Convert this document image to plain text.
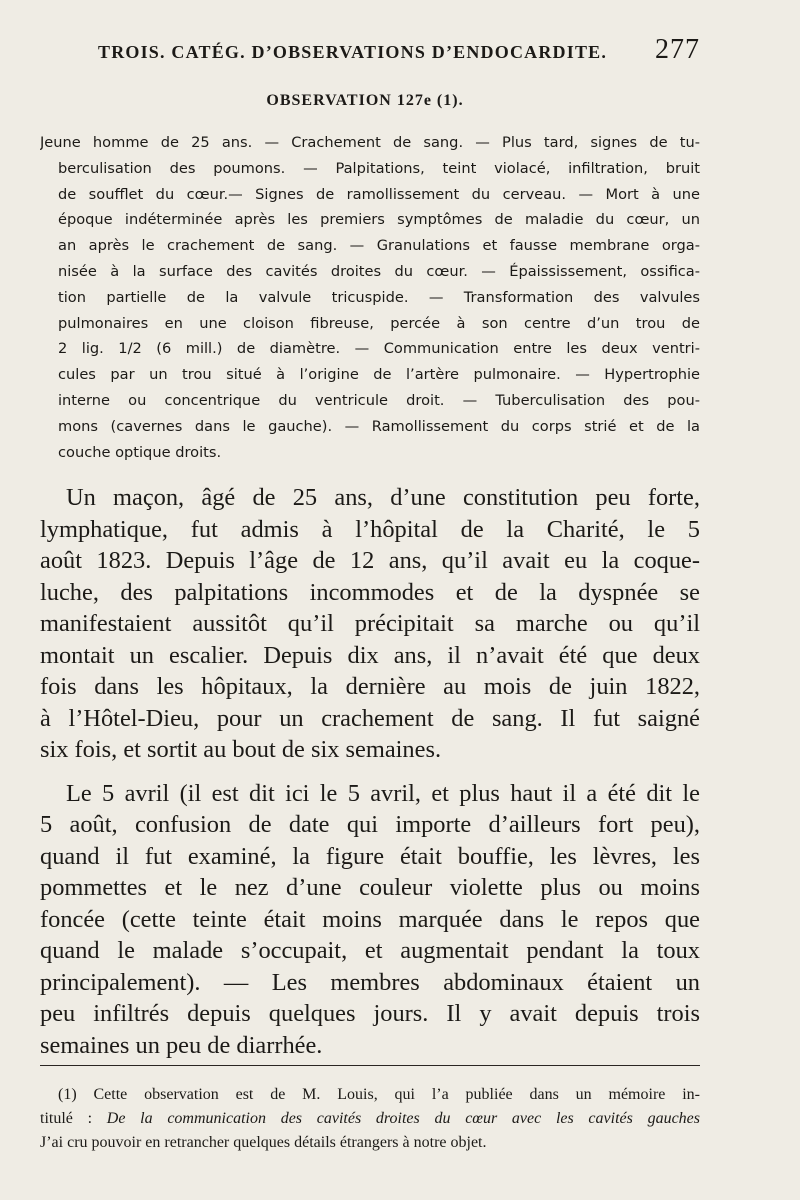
TROIS. CATÉG. D’OBSERVATIONS D’ENDOCARDITE. 277
OBSERVATION 127e (1).
Jeune homme de 25 ans. — Crachement de sang. — Plus tard, signes de tu-
berculisation des poumons. — Palpitations, teint violacé, infiltration, bruit
de soufflet du cœur.— Signes de ramollissement du cerveau. — Mort à une
époque indéterminée après les premiers symptômes de maladie du cœur, un
an après le crachement de sang. — Granulations et fausse membrane orga-
nisée à la surface des cavités droites du cœur. — Épaississement, ossifica-
tion partielle de la valvule tricuspide. — Transformation des valvules
pulmonaires en une cloison fibreuse, percée à son centre d’un trou de
2 lig. 1/2 (6 mill.) de diamètre. — Communication entre les deux ventri-
cules par un trou situé à l’origine de l’artère pulmonaire. — Hypertrophie
interne ou concentrique du ventricule droit. — Tuberculisation des pou-
mons (cavernes dans le gauche). — Ramollissement du corps strié et de la
couche optique droits.
Un maçon, âgé de 25 ans, d’une constitution peu forte,
lymphatique, fut admis à l’hôpital de la Charité, le 5
août 1823. Depuis l’âge de 12 ans, qu’il avait eu la coque-
luche, des palpitations incommodes et de la dyspnée se
manifestaient aussitôt qu’il précipitait sa marche ou qu’il
montait un escalier. Depuis dix ans, il n’avait été que deux
fois dans les hôpitaux, la dernière au mois de juin 1822,
à l’Hôtel-Dieu, pour un crachement de sang. Il fut saigné
six fois, et sortit au bout de six semaines.
Le 5 avril (il est dit ici le 5 avril, et plus haut il a été dit le
5 août, confusion de date qui importe d’ailleurs fort peu),
quand il fut examiné, la figure était bouffie, les lèvres, les
pommettes et le nez d’une couleur violette plus ou moins
foncée (cette teinte était moins marquée dans le repos que
quand le malade s’occupait, et augmentait pendant la toux
principalement). — Les membres abdominaux étaient un
peu infiltrés depuis quelques jours. Il y avait depuis trois
semaines un peu de diarrhée.
(1) Cette observation est de M. Louis, qui l’a publiée dans un mémoire in-
titulé : De la communication des cavités droites du cœur avec les cavités gauches
J’ai cru pouvoir en retrancher quelques détails étrangers à notre objet.
